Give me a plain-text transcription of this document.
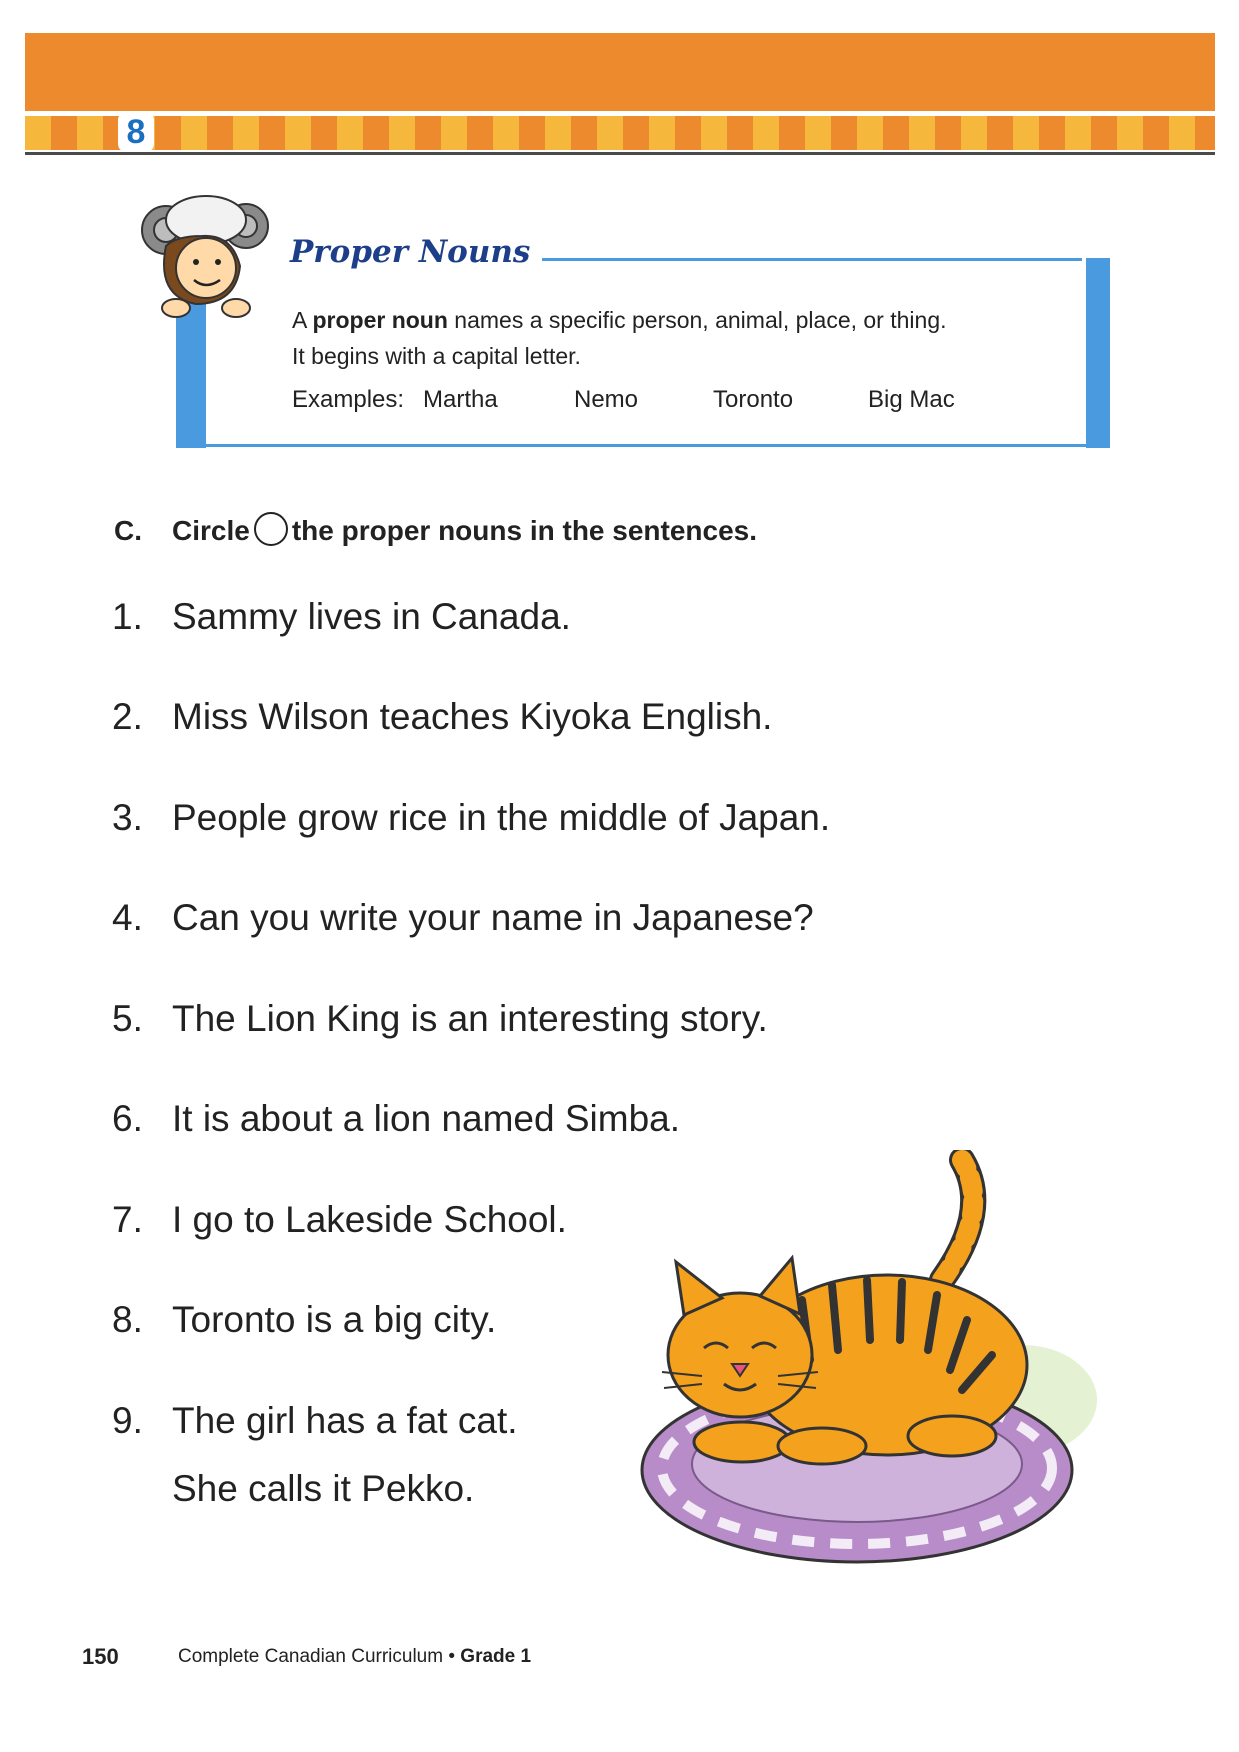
8
Proper Nouns
A proper noun names a specific person, animal, place, or thing.
It begins with a capital letter.
Examples: Martha	Nemo	Toronto	Big Mac
C. Circle the proper nouns in the sentences.
1. Sammy lives in Canada.
2. Miss Wilson teaches Kiyoka English.
3. People grow rice in the middle of Japan.
4. Can you write your name in Japanese?
5. The Lion King is an interesting story.
6. It is about a lion named Simba.
7. I go to Lakeside School.
8. Toronto is a big city.
9. The girl has a fat cat.
She calls it Pekko.
150	Complete Canadian Curriculum • Grade 1
